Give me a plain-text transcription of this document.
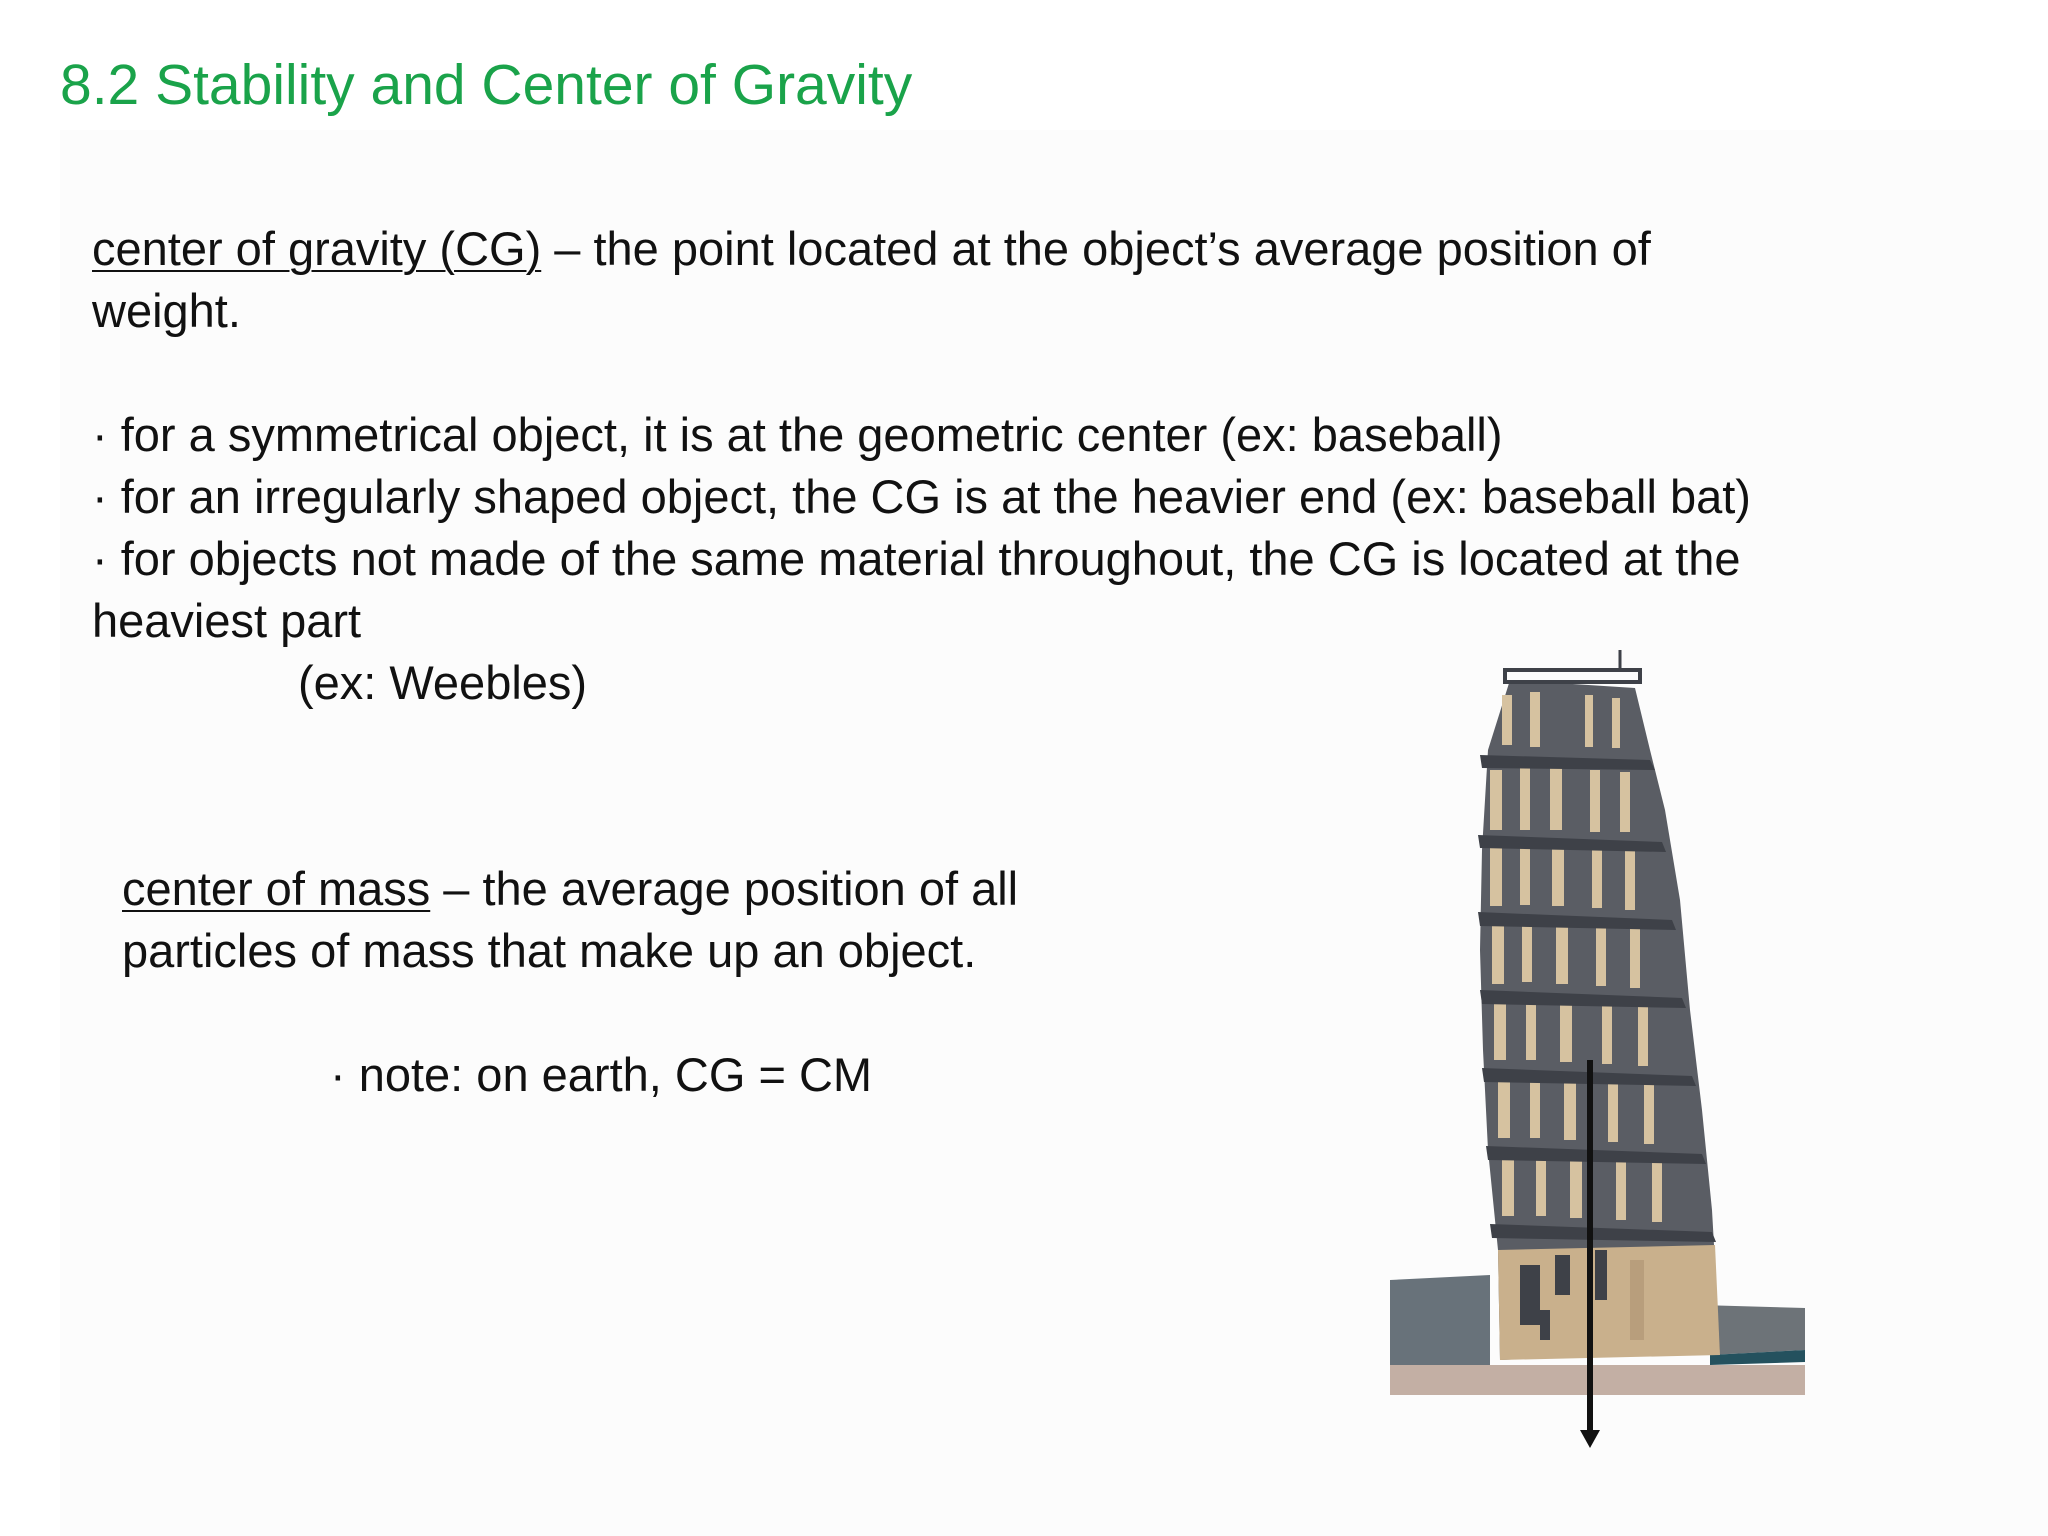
8.2 Stability and Center of Gravity
center of gravity (CG) – the point located at the object’s average position of
weight.
· for a symmetrical object, it is at the geometric center (ex: baseball)
· for an irregularly shaped object, the CG is at the heavier end (ex: baseball bat)
· for objects not made of the same material throughout, the CG is located at the
heaviest part
(ex: Weebles)
center of mass – the average position of all
particles of mass that make up an object.
· note: on earth, CG = CM
